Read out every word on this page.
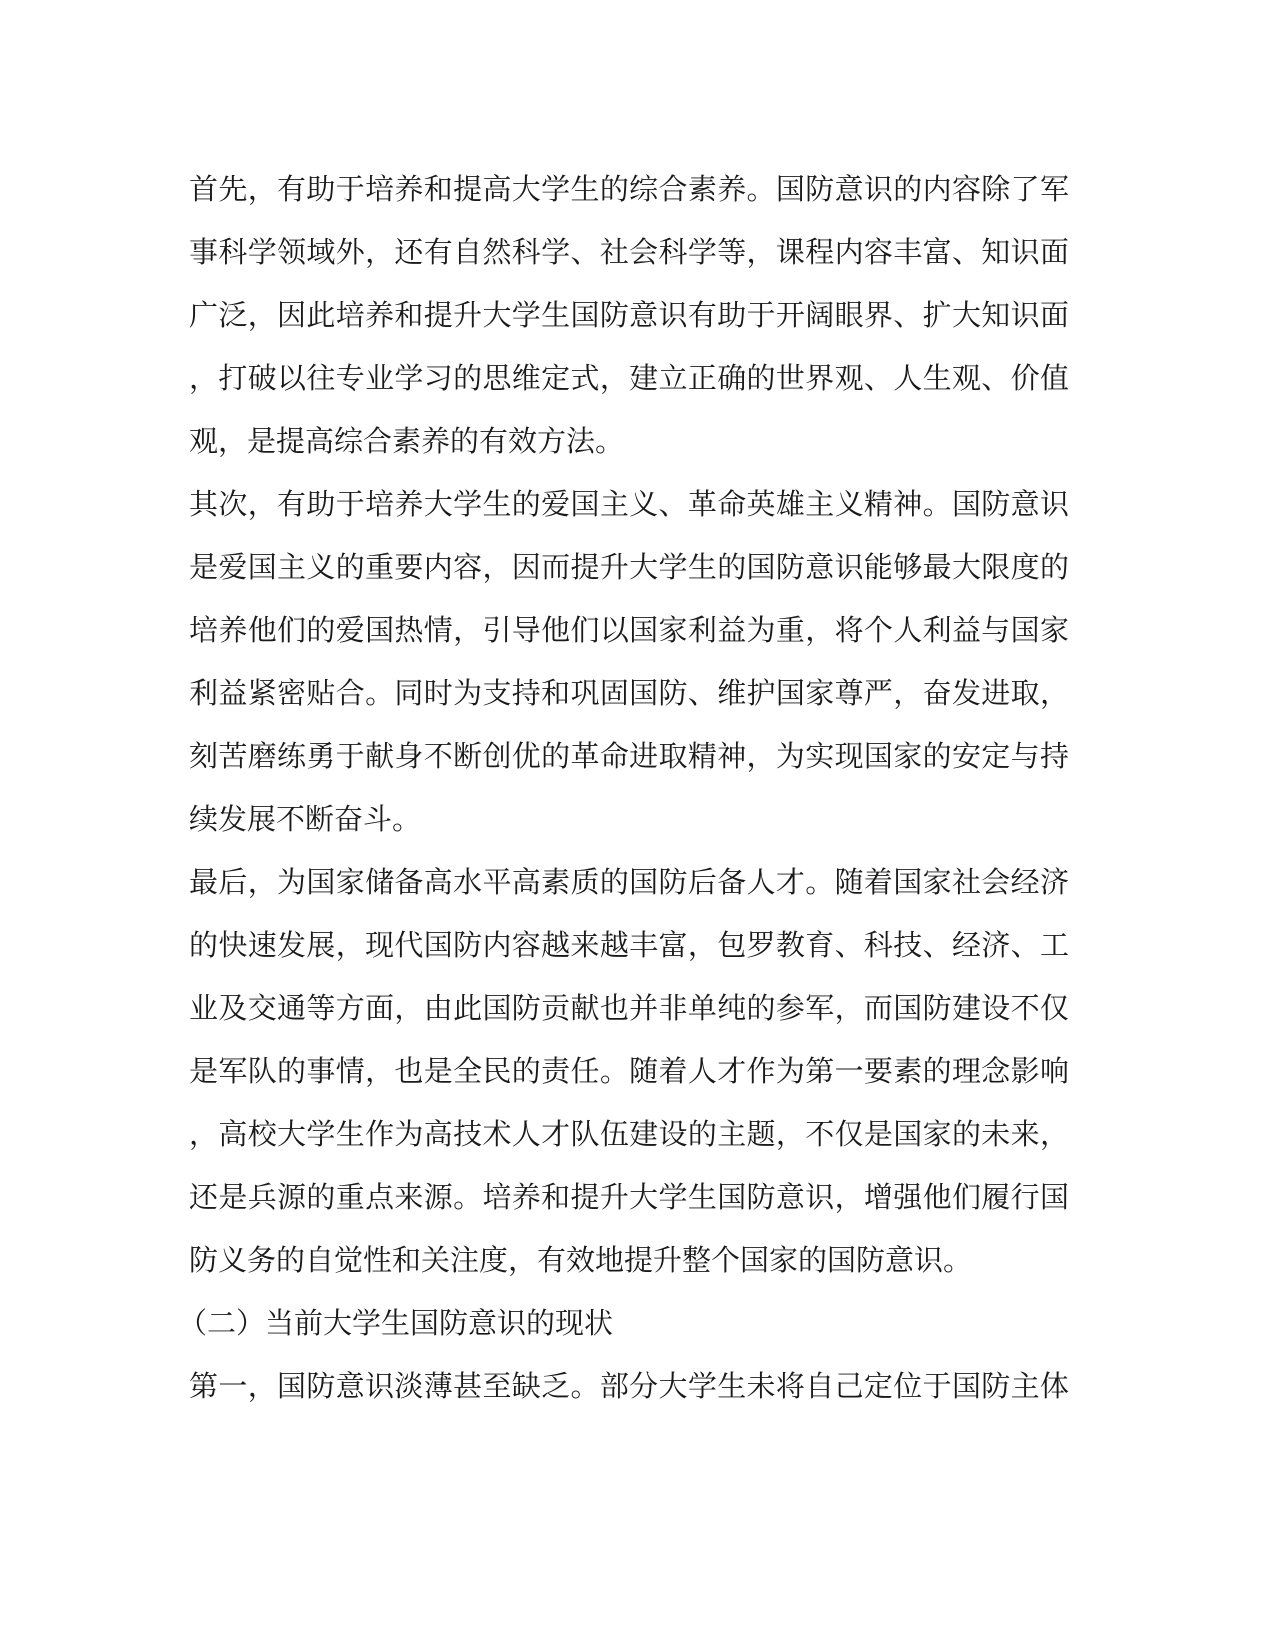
首先，有助于培养和提高大学生的综合素养。国防意识的内容除了军
事科学领域外，还有自然科学、社会科学等，课程内容丰富、知识面
广泛，因此培养和提升大学生国防意识有助于开阔眼界、扩大知识面
，打破以往专业学习的思维定式，建立正确的世界观、人生观、价值
观，是提高综合素养的有效方法。
其次，有助于培养大学生的爱国主义、革命英雄主义精神。国防意识
是爱国主义的重要内容，因而提升大学生的国防意识能够最大限度的
培养他们的爱国热情，引导他们以国家利益为重，将个人利益与国家
利益紧密贴合。同时为支持和巩固国防、维护国家尊严，奋发进取，
刻苦磨练勇于献身不断创优的革命进取精神，为实现国家的安定与持
续发展不断奋斗。
最后，为国家储备高水平高素质的国防后备人才。随着国家社会经济
的快速发展，现代国防内容越来越丰富，包罗教育、科技、经济、工
业及交通等方面，由此国防贡献也并非单纯的参军，而国防建设不仅
是军队的事情，也是全民的责任。随着人才作为第一要素的理念影响
，高校大学生作为高技术人才队伍建设的主题，不仅是国家的未来，
还是兵源的重点来源。培养和提升大学生国防意识，增强他们履行国
防义务的自觉性和关注度，有效地提升整个国家的国防意识。
（二）当前大学生国防意识的现状
第一，国防意识淡薄甚至缺乏。部分大学生未将自己定位于国防主体
